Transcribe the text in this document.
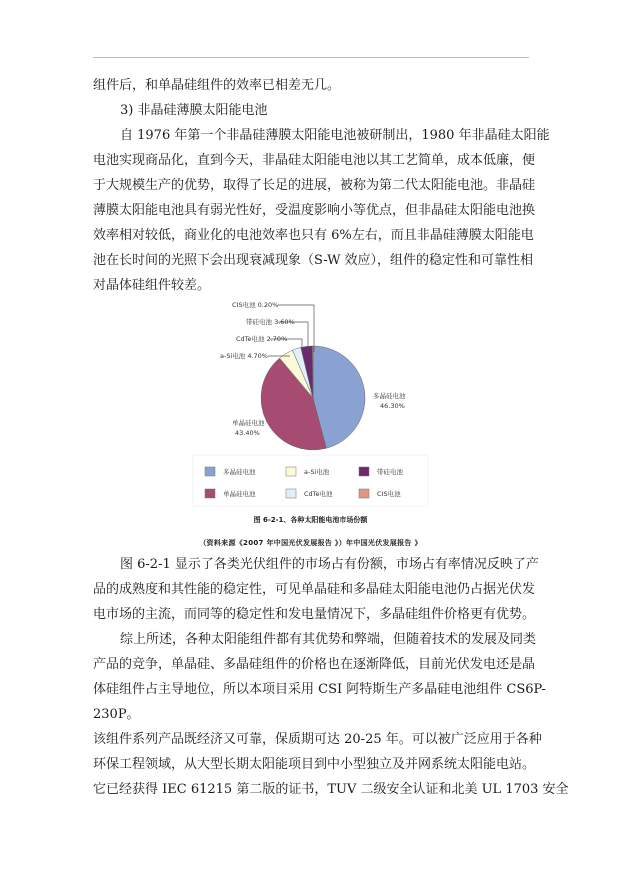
组件后，和单晶硅组件的效率已相差无几。
3) 非晶硅薄膜太阳能电池
自 1976 年第一个非晶硅薄膜太阳能电池被研制出，1980 年非晶硅太阳能
电池实现商品化，直到今天，非晶硅太阳能电池以其工艺简单，成本低廉，便
于大规模生产的优势，取得了长足的进展，被称为第二代太阳能电池。非晶硅
薄膜太阳能电池具有弱光性好，受温度影响小等优点，但非晶硅太阳能电池换
效率相对较低，商业化的电池效率也只有 6%左右，而且非晶硅薄膜太阳能电
池在长时间的光照下会出现衰减现象（S-W 效应），组件的稳定性和可靠性相
对晶体硅组件较差。
CIS电池 0.20%
带硅电池 3.60%
CdTe电池 2.70%
a-Si电池 4.70%
多晶硅电池
46.30%
单晶硅电池
43.40%
多晶硅电池	a-Si电池	带硅电池
单晶硅电池	CdTe电池	CIS电池
图 6-2-1、各种太阳能电池市场份额
（资料来源《2007 年中国光伏发展报告 》）年中国光伏发展报告 》
图 6-2-1 显示了各类光伏组件的市场占有份额，市场占有率情况反映了产
品的成熟度和其性能的稳定性，可见单晶硅和多晶硅太阳能电池仍占据光伏发
电市场的主流，而同等的稳定性和发电量情况下，多晶硅组件价格更有优势。
综上所述，各种太阳能组件都有其优势和弊端，但随着技术的发展及同类
产品的竞争，单晶硅、多晶硅组件的价格也在逐渐降低，目前光伏发电还是晶
体硅组件占主导地位，所以本项目采用 CSI 阿特斯生产多晶硅电池组件 CS6P-
230P。
该组件系列产品既经济又可靠，保质期可达 20-25 年。可以被广泛应用于各种
环保工程领域，从大型长期太阳能项目到中小型独立及并网系统太阳能电站。
它已经获得 IEC 61215 第二版的证书，TUV 二级安全认证和北美 UL 1703 安全
